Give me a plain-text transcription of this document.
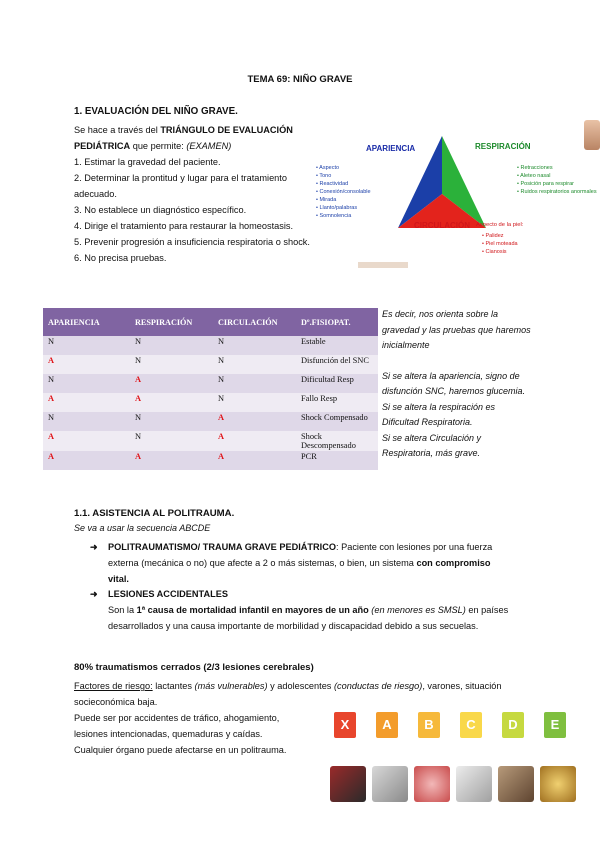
TEMA 69: NIÑO GRAVE
1. EVALUACIÓN DEL NIÑO GRAVE.

Se hace a través del TRIÁNGULO DE EVALUACIÓN PEDIÁTRICA que permite: (EXAMEN)

1. Estimar la gravedad del paciente.

2. Determinar la prontitud y lugar para el tratamiento adecuado.

3. No establece un diagnóstico específico.

4. Dirige el tratamiento para restaurar la homeostasis.

5. Prevenir progresión a insuficiencia respiratoria o shock.

6. No precisa pruebas.

APARIENCIA	RESPIRACIÓN
CIRCULACIÓN
• Aspecto
• Tono
• Reactividad
• Conexión/consolable
• Mirada
• Llanto/palabras
• Somnolencia
• Retracciones
• Aleteo nasal
• Posición para respirar
• Ruidos respiratorios anormales
Aspecto de la piel:
• Palidez
• Piel moteada
• Cianosis
APARIENCIA	RESPIRACIÓN	CIRCULACIÓN	Dº.FISIOPAT.
N	N	N	Estable
A	N	N	Disfunción del SNC
N	A	N	Dificultad Resp
A	A	N	Fallo Resp
N	N	A	Shock Compensado
A	N	A	Shock Descompensado
A	A	A	PCR

Es decir, nos orienta sobre la gravedad y las pruebas que haremos inicialmente

Si se altera la apariencia, signo de disfunción SNC, haremos glucemia.

Si se altera la respiración es Dificultad Respiratoria.

Si se altera Circulación y Respiratoria, más grave.

1.1. ASISTENCIA AL POLITRAUMA.
Se va a usar la secuencia ABCDE
➜ POLITRAUMATISMO/ TRAUMA GRAVE PEDIÁTRICO: Paciente con lesiones por una fuerza externa (mecánica o no) que afecte a 2 o más sistemas, o bien, un sistema con compromiso vital.
➜ LESIONES ACCIDENTALES
Son la 1ª causa de mortalidad infantil en mayores de un año (en menores es SMSL) en países desarrollados y una causa importante de morbilidad y discapacidad debido a sus secuelas.
80% traumatismos cerrados (2/3 lesiones cerebrales)

Factores de riesgo: lactantes (más vulnerables) y adolescentes (conductas de riesgo), varones, situación socieconómica baja.

Puede ser por accidentes de tráfico, ahogamiento, lesiones intencionadas, quemaduras y caídas.

Cualquier órgano puede afectarse en un politrauma.

X	A	B	C	D	E
